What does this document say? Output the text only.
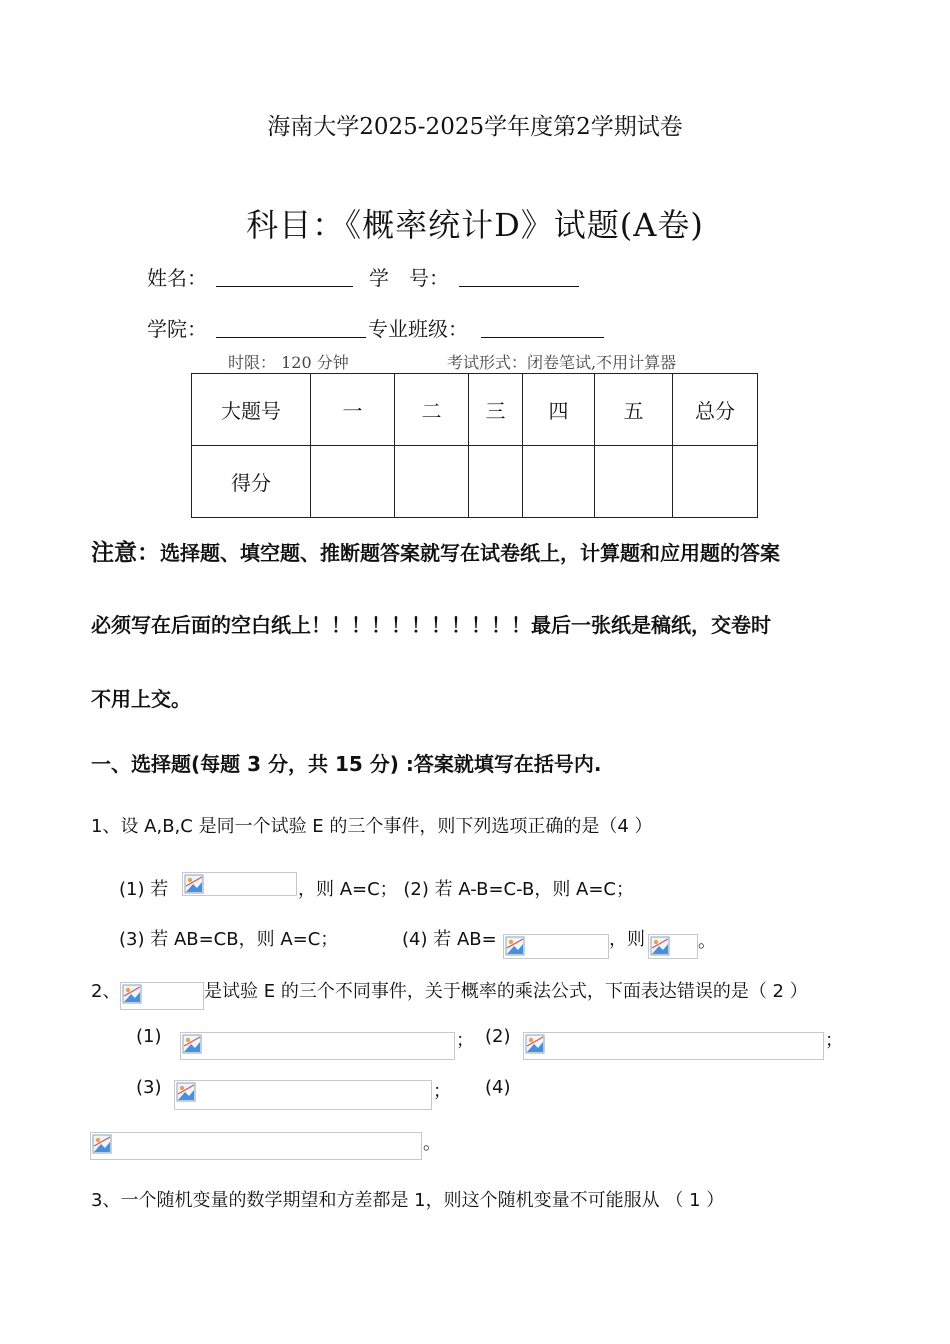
海南大学2025-2025学年度第2学期试卷
科目：《概率统计D》试题(A卷)
姓名：	学　号：
学院：	专业班级：
时限： 120 分钟	考试形式：闭卷笔试,不用计算器
大题号	一	二	三	四	五	总分
得分						
注意：选择题、填空题、推断题答案就写在试卷纸上，计算题和应用题的答案
必须写在后面的空白纸上！！！！！！！！！！！最后一张纸是稿纸，交卷时
不用上交。
一、选择题(每题 3 分，共 15 分) :答案就填写在括号内.
1、设 A,B,C 是同一个试验 E 的三个事件，则下列选项正确的是（4 ）
(1) 若	，则 A=C； (2) 若 A-B=C-B，则 A=C；
(3) 若 AB=CB，则 A=C；	(4) 若 AB=	，则	。
2、	是试验 E 的三个不同事件，关于概率的乘法公式，下面表达错误的是（ 2 ）
(1)	； (2)	；
(3)	； (4)
。
3、一个随机变量的数学期望和方差都是 1，则这个随机变量不可能服从 （ 1 ）
